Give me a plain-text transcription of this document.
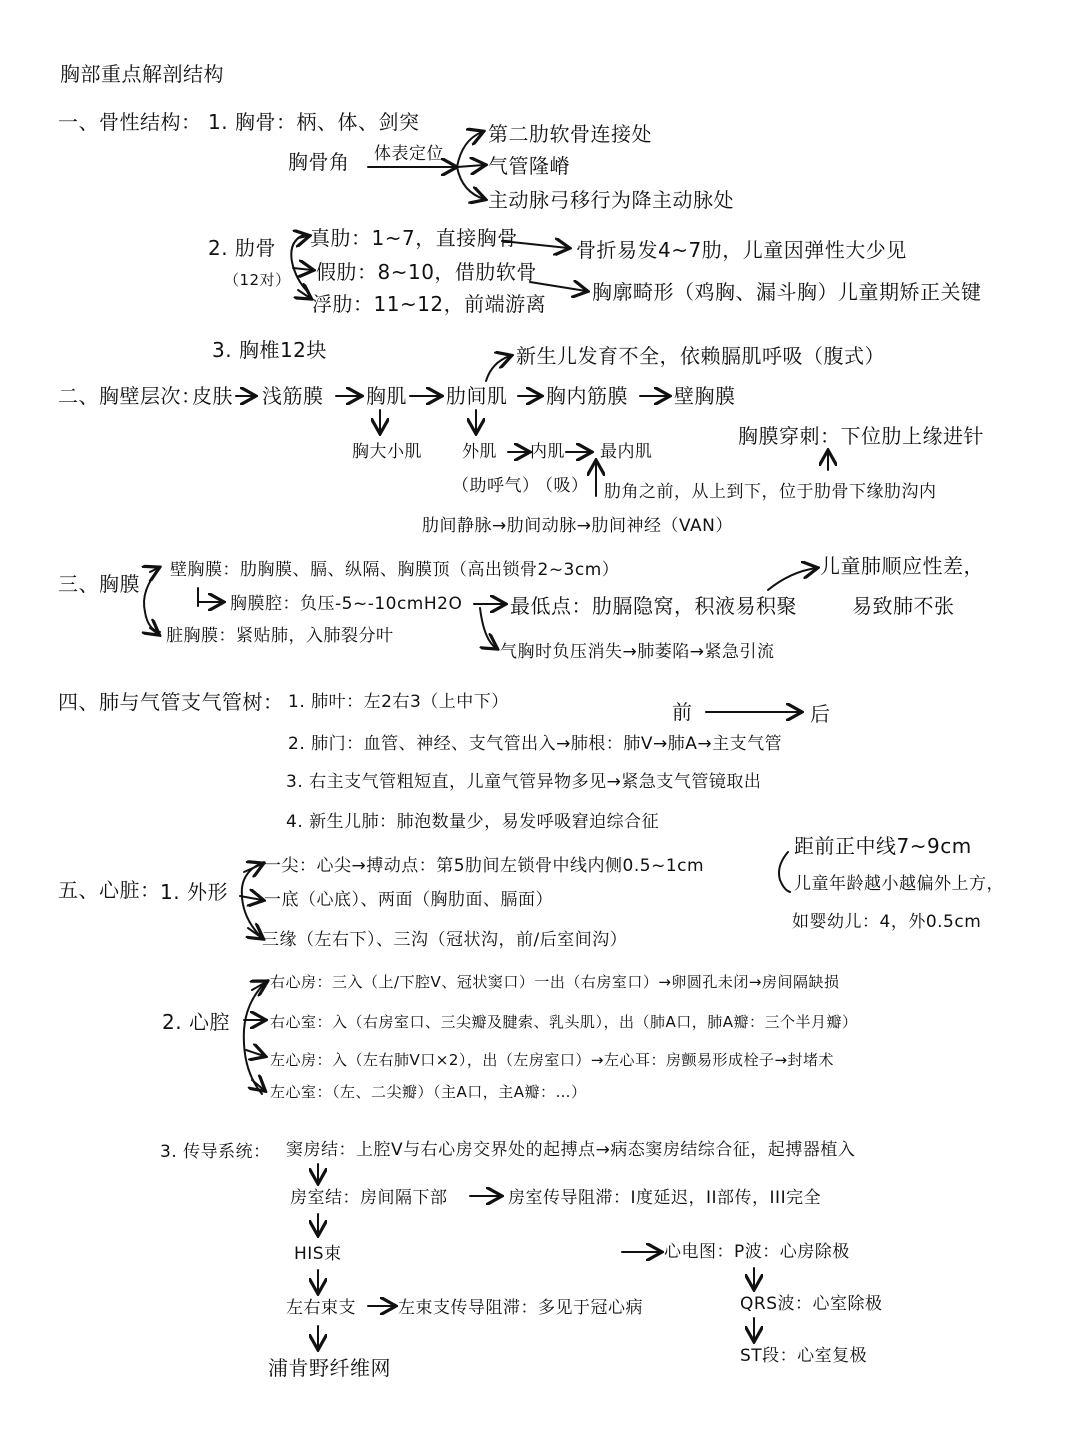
胸部重点解剖结构
一、骨性结构： 1. 胸骨：柄、体、剑突
胸骨角 体表定位
第二肋软骨连接处
气管隆嵴
主动脉弓移行为降主动脉处
2. 肋骨
（12对）
真肋：1~7，直接胸骨
假肋：8~10，借肋软骨
浮肋：11~12，前端游离
骨折易发4~7肋，儿童因弹性大少见
胸廓畸形（鸡胸、漏斗胸）儿童期矫正关键
3. 胸椎12块	新生儿发育不全，依赖膈肌呼吸（腹式）
二、胸壁层次：
皮肤 浅筋膜 胸肌 肋间肌 胸内筋膜 壁胸膜
胸大小肌 外肌 内肌 最内肌
（助呼气）
（吸）
胸膜穿刺：下位肋上缘进针
肋角之前，从上到下，位于肋骨下缘肋沟内
肋间静脉→肋间动脉→肋间神经（VAN）
三、胸膜
壁胸膜：肋胸膜、膈、纵隔、胸膜顶（高出锁骨2~3cm）
胸膜腔：负压-5~-10cmH2O 最低点：肋膈隐窝，积液易积聚
气胸时负压消失→肺萎陷→紧急引流
儿童肺顺应性差，
易致肺不张
脏胸膜：紧贴肺，入肺裂分叶
四、肺与气管支气管树：	前	后
1. 肺叶：左2右3（上中下）
2. 肺门：血管、神经、支气管出入→肺根：肺V→肺A→主支气管
3. 右主支气管粗短直，儿童气管异物多见→紧急支气管镜取出
4. 新生儿肺：肺泡数量少，易发呼吸窘迫综合征
五、心脏： 1. 外形
一尖：心尖→搏动点：第5肋间左锁骨中线内侧0.5~1cm
距前正中线7~9cm
儿童年龄越小越偏外上方，
如婴幼儿：4，外0.5cm
一底（心底）、两面（胸肋面、膈面）
三缘（左右下）、三沟（冠状沟，前/后室间沟）
2. 心腔
右心房：三入（上/下腔V、冠状窦口）一出（右房室口）→卵圆孔未闭→房间隔缺损
右心室：入（右房室口、三尖瓣及腱索、乳头肌），出（肺A口，肺A瓣：三个半月瓣）
左心房：入（左右肺V口×2），出（左房室口）→左心耳：房颤易形成栓子→封堵术
左心室：（左、二尖瓣）（主A口，主A瓣：…）
3. 传导系统： 窦房结：上腔V与右心房交界处的起搏点→病态窦房结综合征，起搏器植入
房室结：房间隔下部	房室传导阻滞：I度延迟，II部传，III完全
HIS束	心电图：P波：心房除极
QRS波：心室除极
ST段：心室复极
左右束支 左束支传导阻滞：多见于冠心病
浦肯野纤维网
